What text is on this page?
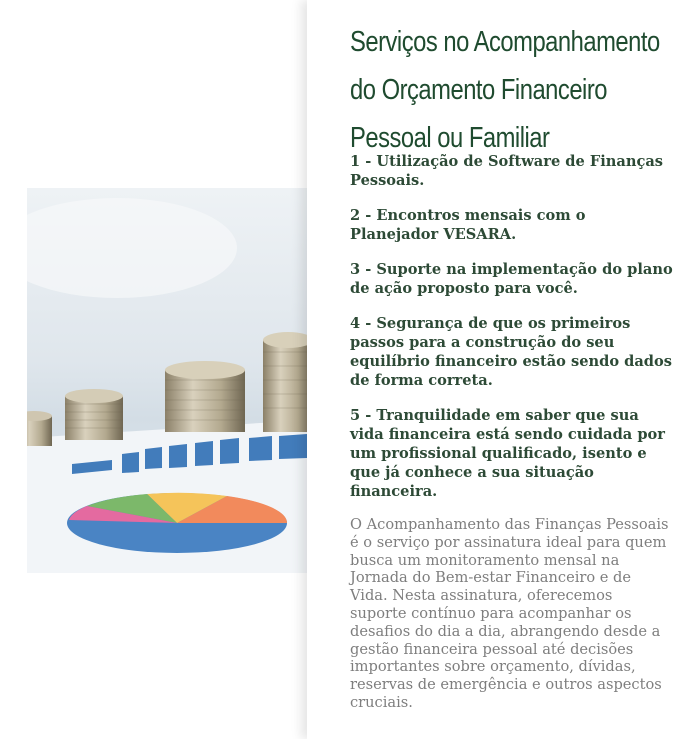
Serviços no Acompanhamento do Orçamento Financeiro Pessoal ou Familiar

1 - Utilização de Software de Finanças Pessoais.

2 - Encontros mensais com o Planejador VESARA.

3 - Suporte na implementação do plano de ação proposto para você.

4 - Segurança de que os primeiros passos para a construção do seu equilíbrio financeiro estão sendo dados de forma correta.

5 - Tranquilidade em saber que sua vida financeira está sendo cuidada por um profissional qualificado, isento e que já conhece a sua situação financeira.

O Acompanhamento das Finanças Pessoais é o serviço por assinatura ideal para quem busca um monitoramento mensal na Jornada do Bem-estar Financeiro e de Vida. Nesta assinatura, oferecemos suporte contínuo para acompanhar os desafios do dia a dia, abrangendo desde a gestão financeira pessoal até decisões importantes sobre orçamento, dívidas, reservas de emergência e outros aspectos cruciais.
